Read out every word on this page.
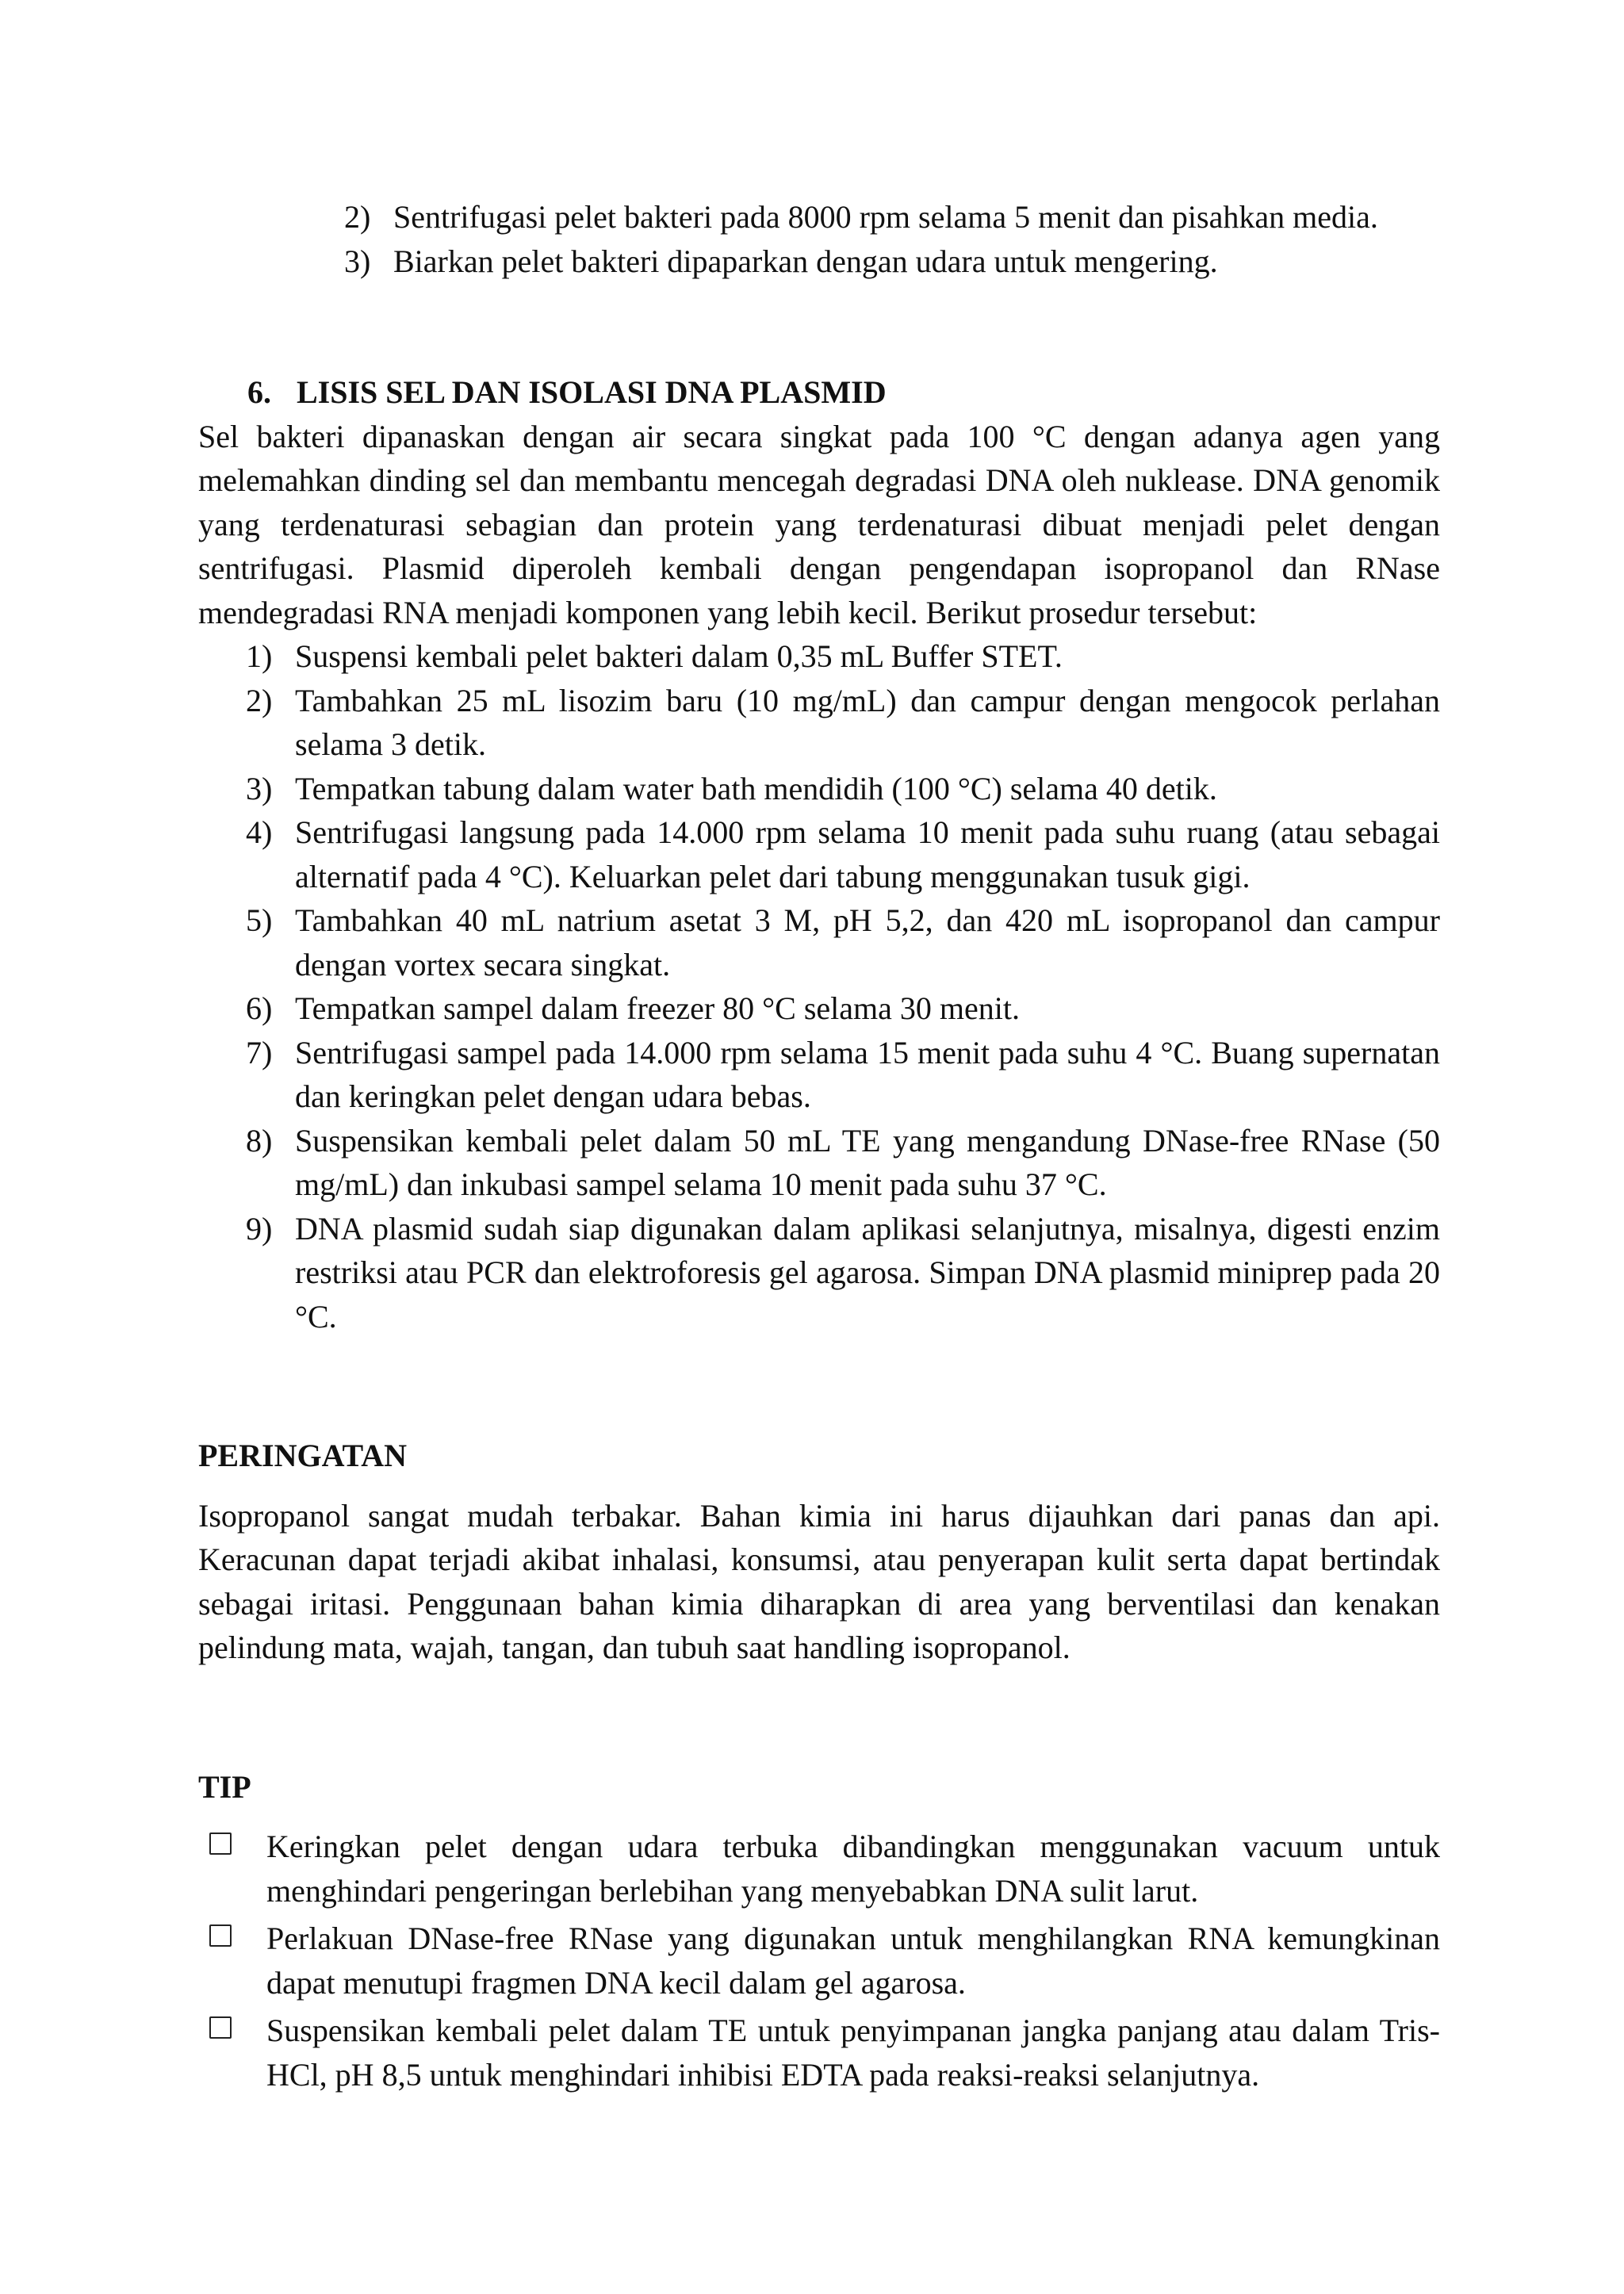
2) Sentrifugasi pelet bakteri pada 8000 rpm selama 5 menit dan pisahkan media.
3) Biarkan pelet bakteri dipaparkan dengan udara untuk mengering.
6. LISIS SEL DAN ISOLASI DNA PLASMID

Sel bakteri dipanaskan dengan air secara singkat pada 100 °C dengan adanya agen yang melemahkan dinding sel dan membantu mencegah degradasi DNA oleh nuklease. DNA genomik yang terdenaturasi sebagian dan protein yang terdenaturasi dibuat menjadi pelet dengan sentrifugasi. Plasmid diperoleh kembali dengan pengendapan isopropanol dan RNase mendegradasi RNA menjadi komponen yang lebih kecil. Berikut prosedur tersebut:

1) Suspensi kembali pelet bakteri dalam 0,35 mL Buffer STET.
2) Tambahkan 25 mL lisozim baru (10 mg/mL) dan campur dengan mengocok perlahan selama 3 detik.
3) Tempatkan tabung dalam water bath mendidih (100 °C) selama 40 detik.
4) Sentrifugasi langsung pada 14.000 rpm selama 10 menit pada suhu ruang (atau sebagai alternatif pada 4 °C). Keluarkan pelet dari tabung menggunakan tusuk gigi.
5) Tambahkan 40 mL natrium asetat 3 M, pH 5,2, dan 420 mL isopropanol dan campur dengan vortex secara singkat.
6) Tempatkan sampel dalam freezer 80 °C selama 30 menit.
7) Sentrifugasi sampel pada 14.000 rpm selama 15 menit pada suhu 4 °C. Buang supernatan dan keringkan pelet dengan udara bebas.
8) Suspensikan kembali pelet dalam 50 mL TE yang mengandung DNase-free RNase (50 mg/mL) dan inkubasi sampel selama 10 menit pada suhu 37 °C.
9) DNA plasmid sudah siap digunakan dalam aplikasi selanjutnya, misalnya, digesti enzim restriksi atau PCR dan elektroforesis gel agarosa. Simpan DNA plasmid miniprep pada 20 °C.
PERINGATAN

Isopropanol sangat mudah terbakar. Bahan kimia ini harus dijauhkan dari panas dan api. Keracunan dapat terjadi akibat inhalasi, konsumsi, atau penyerapan kulit serta dapat bertindak sebagai iritasi. Penggunaan bahan kimia diharapkan di area yang berventilasi dan kenakan pelindung mata, wajah, tangan, dan tubuh saat handling isopropanol.

TIP
Keringkan pelet dengan udara terbuka dibandingkan menggunakan vacuum untuk menghindari pengeringan berlebihan yang menyebabkan DNA sulit larut.
Perlakuan DNase-free RNase yang digunakan untuk menghilangkan RNA kemungkinan dapat menutupi fragmen DNA kecil dalam gel agarosa.
Suspensikan kembali pelet dalam TE untuk penyimpanan jangka panjang atau dalam Tris-HCl, pH 8,5 untuk menghindari inhibisi EDTA pada reaksi-reaksi selanjutnya.
